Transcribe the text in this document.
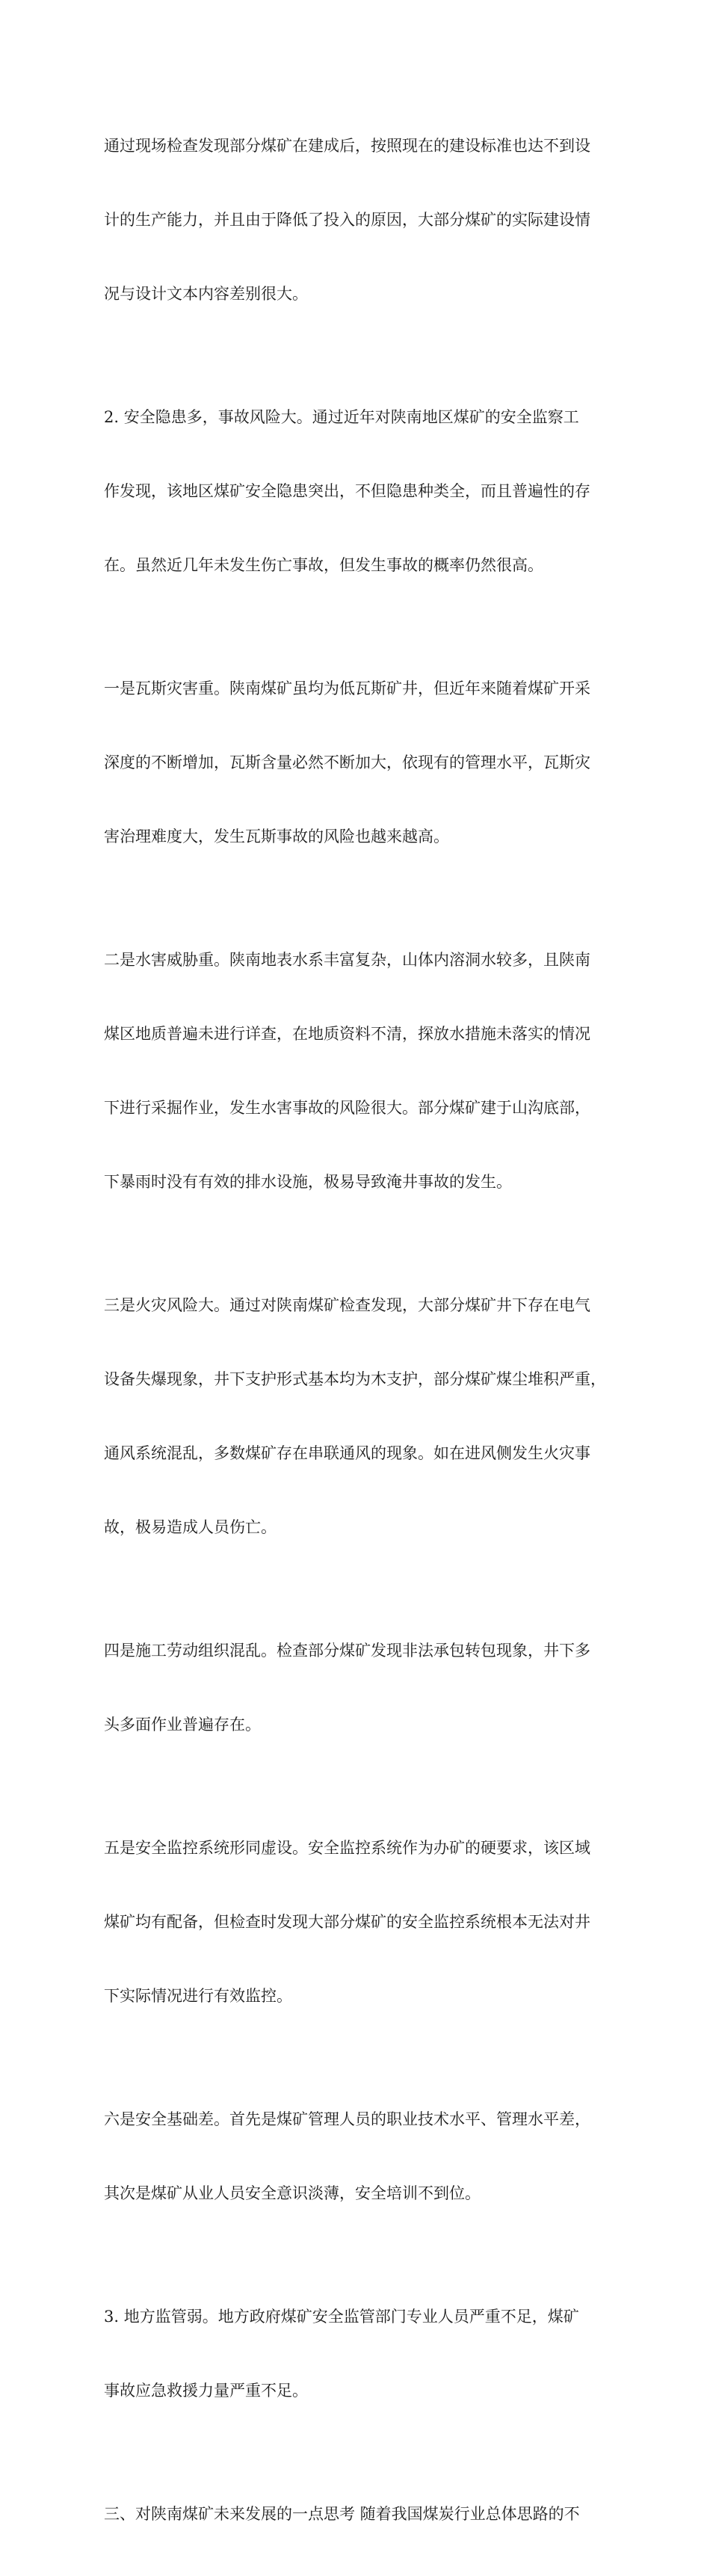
通过现场检查发现部分煤矿在建成后，按照现在的建设标准也达不到设

计的生产能力，并且由于降低了投入的原因，大部分煤矿的实际建设情

况与设计文本内容差别很大。

2. 安全隐患多，事故风险大。通过近年对陕南地区煤矿的安全监察工

作发现，该地区煤矿安全隐患突出，不但隐患种类全，而且普遍性的存

在。虽然近几年未发生伤亡事故，但发生事故的概率仍然很高。

一是瓦斯灾害重。陕南煤矿虽均为低瓦斯矿井，但近年来随着煤矿开采

深度的不断增加，瓦斯含量必然不断加大，依现有的管理水平，瓦斯灾

害治理难度大，发生瓦斯事故的风险也越来越高。

二是水害威胁重。陕南地表水系丰富复杂，山体内溶洞水较多，且陕南

煤区地质普遍未进行详查，在地质资料不清，探放水措施未落实的情况

下进行采掘作业，发生水害事故的风险很大。部分煤矿建于山沟底部，

下暴雨时没有有效的排水设施，极易导致淹井事故的发生。

三是火灾风险大。通过对陕南煤矿检查发现，大部分煤矿井下存在电气

设备失爆现象，井下支护形式基本均为木支护，部分煤矿煤尘堆积严重，

通风系统混乱，多数煤矿存在串联通风的现象。如在进风侧发生火灾事

故，极易造成人员伤亡。

四是施工劳动组织混乱。检查部分煤矿发现非法承包转包现象，井下多

头多面作业普遍存在。

五是安全监控系统形同虚设。安全监控系统作为办矿的硬要求，该区域

煤矿均有配备，但检查时发现大部分煤矿的安全监控系统根本无法对井

下实际情况进行有效监控。

六是安全基础差。首先是煤矿管理人员的职业技术水平、管理水平差，

其次是煤矿从业人员安全意识淡薄，安全培训不到位。

3. 地方监管弱。地方政府煤矿安全监管部门专业人员严重不足，煤矿

事故应急救援力量严重不足。

三、对陕南煤矿未来发展的一点思考 随着我国煤炭行业总体思路的不
